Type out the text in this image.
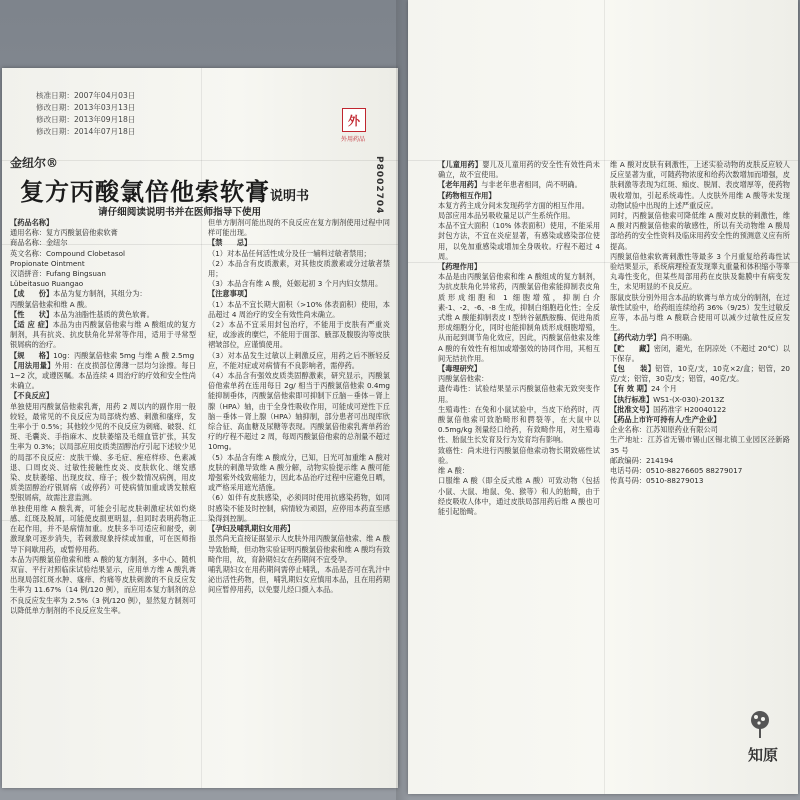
核准日期：2007年04月03日
修改日期：2013年03月13日
修改日期：2013年09月18日
修改日期：2014年07月18日
外
外用药品
金纽尔®	P8002704
复方丙酸氯倍他索软膏说明书
请仔细阅读说明书并在医师指导下使用

【药品名称】

通用名称：复方丙酸氯倍他索软膏

商品名称：金纽尔

英文名称：Compound Clobetasol

Propionate Ointment

汉语拼音：Fufang Bingsuan

Lübeitasuo Ruangao

【成　　份】本品为复方制剂，其组分为：

丙酸氯倍他索和维 A 酸。

【性　　状】本品为油脂性基质的黄色软膏。

【适 应 症】本品为由丙酸氯倍他索与维 A 酸组成的复方制剂，具有抗炎、抗皮肤角化异常等作用，适用于寻常型银屑病的治疗。

【规　　格】10g：丙酸氯倍他索 5mg 与维 A 酸 2.5mg

【用法用量】外用：在皮损部位薄薄一层均匀涂擦。每日 1~2 次，或遵医嘱。本品连续 4 周治疗的疗效和安全性尚未确立。

【不良反应】

单独使用丙酸氯倍他索乳膏，用药 2 周以内的副作用一般较轻，最常见的不良反应为局部烧灼感、刺激和瘙痒，发生率小于 0.5%；其他较少见的不良反应为刺痛、破裂、红斑、毛囊炎、手指麻木、皮肤萎缩及毛细血管扩张，其发生率为 0.3%；以局部应用皮质类固醇治疗引起下述较少见的局部不良反应：皮肤干燥、多毛症、痤疮样疹、色素减退、口周皮炎、过敏性接触性皮炎、皮肤软化、继发感染、皮肤萎缩、出现皮纹、痱子；极少数情况病例，用皮质类固醇治疗银屑病（或停药）可使病情加重或诱发脓疱型银屑病，故需注意监测。

单独使用维 A 酸乳膏，可能会引起皮肤刺激症状如灼烧感、红斑及脱屑，可能使皮损更明显，但同时表明药物正在起作用，并不是病情加重。皮肤多半可适应和耐受，刺激现象可逐步消失，若刺激现象持续或加重，可在医师指导下间歇用药，或暂停用药。

本品为丙酸氯倍他索和维 A 酸的复方制剂，多中心、随机双盲、平行对照临床试验结果显示，应用单方维 A 酸乳膏出现局部红斑水肿、瘙痒、灼痛等皮肤刺激的不良反应发生率为 11.67%（14 例/120 例），而应用本复方制剂的总不良反应发生率为 2.5%（3 例/120 例），显然复方制剂可以降低单方制剂的不良反应发生率。

但单方制剂可能出现的不良反应在复方制剂使用过程中同样可能出现。

【禁　　忌】

（1）对本品任何活性成分及任一辅料过敏者禁用；

（2）本品含有皮质激素，对其他皮质激素或分过敏者禁用；

（3）本品含有维 A 酸，妊娠起初 3 个月内妇女禁用。

【注意事项】

（1）本品不宜长期大面积（>10% 体表面积）使用，本品超过 4 周治疗的安全有效性尚未确立。

（2）本品不宜采用封包治疗，不能用于皮肤有严重炎症，或渗液的糜烂，不能用于面部、腋部及腹股沟等皮肤褶皱部位，应谨慎使用。

（3）对本品发生过敏以上刺激反应，用药之后不断轻反应，不能对症或对病情有不良影响者，需停药。

（4）本品含有强效皮质类固醇激素，研究显示，丙酸氯倍他索单药在连用每日 2g/ 相当于丙酸氯倍他索 0.4mg 能抑制垂体，丙酸氯倍他索即可抑制下丘脑－垂体－肾上腺（HPA）轴，由于全身性吸收作用，可能成可逆性下丘脑－垂体－肾上腺（HPA）轴抑制，部分患者可出现库欣综合征、高血糖及尿糖等表现。丙酸氯倍他索乳膏单药治疗的疗程不超过 2 周，每周丙酸氯倍他索的总剂量不超过 10mg。

（5）本品含有维 A 酸成分，已知，日光可加重维 A 酸对皮肤的刺激导致维 A 酸分解，动物实验提示维 A 酸可能增强紫外线致癌能力，因此本品治疗过程中应避免日晒，或严格采用遮光措施。

（6）如伴有皮肤感染，必须同时使用抗感染药物，如同时感染不能及时控制，病情较为顽固，应停用本药直至感染得到控制。

【孕妇及哺乳期妇女用药】

虽然尚无直接证据显示人皮肤外用丙酸氯倍他索、维 A 酸导致胎畸，但动物实验证明丙酸氯倍他索和维 A 酸均有致畸作用，故，育龄期妇女在药期间不宜受孕。

哺乳期妇女在用药期间需停止哺乳，本品是否可在乳汁中泌出活性药物，但，哺乳期妇女应慎用本品，且在用药期间应暂停用药，以免婴儿经口摄入本品。

【儿童用药】婴儿及儿童用药的安全性有效性尚未确立，故不宜使用。

【老年用药】与非老年患者相同，尚不明确。

【药物相互作用】

本复方药主成分间未发现药学方面的相互作用。

局部应用本品另吸收量足以产生系统作用。

本品不宜大面积（10% 体表面积）使用，不能采用封包方法，不宜在炎症显著，有感染或感染部位使用，以免加重感染或增加全身吸收。疗程不超过 4 周。

【药理作用】

本品是由丙酸氯倍他索和维 A 酸组成的复方制剂，为抗皮肤角化异常药，丙酸氯倍他索能抑制表皮角质形成细胞和 1 细胞增殖，抑制白介素-1、-2、-6、-8 生成，抑制白细胞趋化性；全反式维 A 酸能抑制表皮 I 型转谷氨酰胺酶、促进角质形成细胞分化，同时也能抑制角质形成细胞增殖，从而起到调节角化效应，因此，丙酸氯倍他索及维 A 酸的有效性有相加或增强效的协同作用，其相互间无拮抗作用。

【毒理研究】

丙酸氯倍他索：

遗传毒性：试验结果显示丙酸氯倍他索无致突变作用。

生殖毒性：在兔和小鼠试验中，当皮下给药时，丙酸氯倍他索可致胎畸形和腭裂等，在大鼠中以 0.5mg/kg 剂量经口给药，有致畸作用，对生殖毒性、胎鼠生长发育及行为发育均有影响。

致癌性：尚未进行丙酸氯倍他索动物长期致癌性试验。

维 A 酸：

口服维 A 酸（即全反式维 A 酸）可致动物（包括小鼠、大鼠、地鼠、兔、猴等）和人的胎畸，由于经皮吸收人体中，通过皮肤局部用药后维 A 酸也可能引起胎畸。

维 A 酸对皮肤有刺激性，上述实验动物的皮肤反应较人反应显著为重，可随药物浓度和给药次数增加而增强，皮肤刺激等表现为红斑、痂皮、脱屑、表皮增厚等，使药物吸收增加，引起系统毒性。人皮肤外用维 A 酸等未发现动物试验中出现的上述严重反应。

同时，丙酸氯倍他索可降低维 A 酸对皮肤的刺激性，维 A 酸对丙酸氯倍他索的敏感性，所以有关动物维 A 酸局部给药的安全性资料及临床用药安全性的预测意义应有所提高。

丙酸氯倍他索软膏刺激性等最多 3 个月重复给药毒性试验结果显示，系统病理检查发现睾丸重量和体积缩小等睾丸毒性变化，但某些局部用药在皮肤及黏膜中有病变发生，未见明显的不良反应。

豚鼠皮肤分别外用含本品的软膏与单方成分的制剂，在过敏性试验中，给药组连续给药 36%（9/25）发生过敏反应等，本品与维 A 酸联合使用可以减少过敏性反应发生。

【药代动力学】尚不明确。

【贮　　藏】密闭，避光，在阴凉处（不超过 20℃）以下保存。

【包　　装】铝管，10克/支，10克×2/盒；铝管，20克/支；铝管，30克/支；铝管，40克/支。

【有 效 期】24 个月

【执行标准】WS1-(X-030)-2013Z

【批准文号】国药准字 H20040122

【药品上市许可持有人/生产企业】

企业名称：江苏知原药业有限公司

生产地址：江苏省无锡市锡山区锡北镇工业园区泾新路 35 号

邮政编码：214194

电话号码：0510-88276605 88279017

传真号码：0510-88279013

知原
